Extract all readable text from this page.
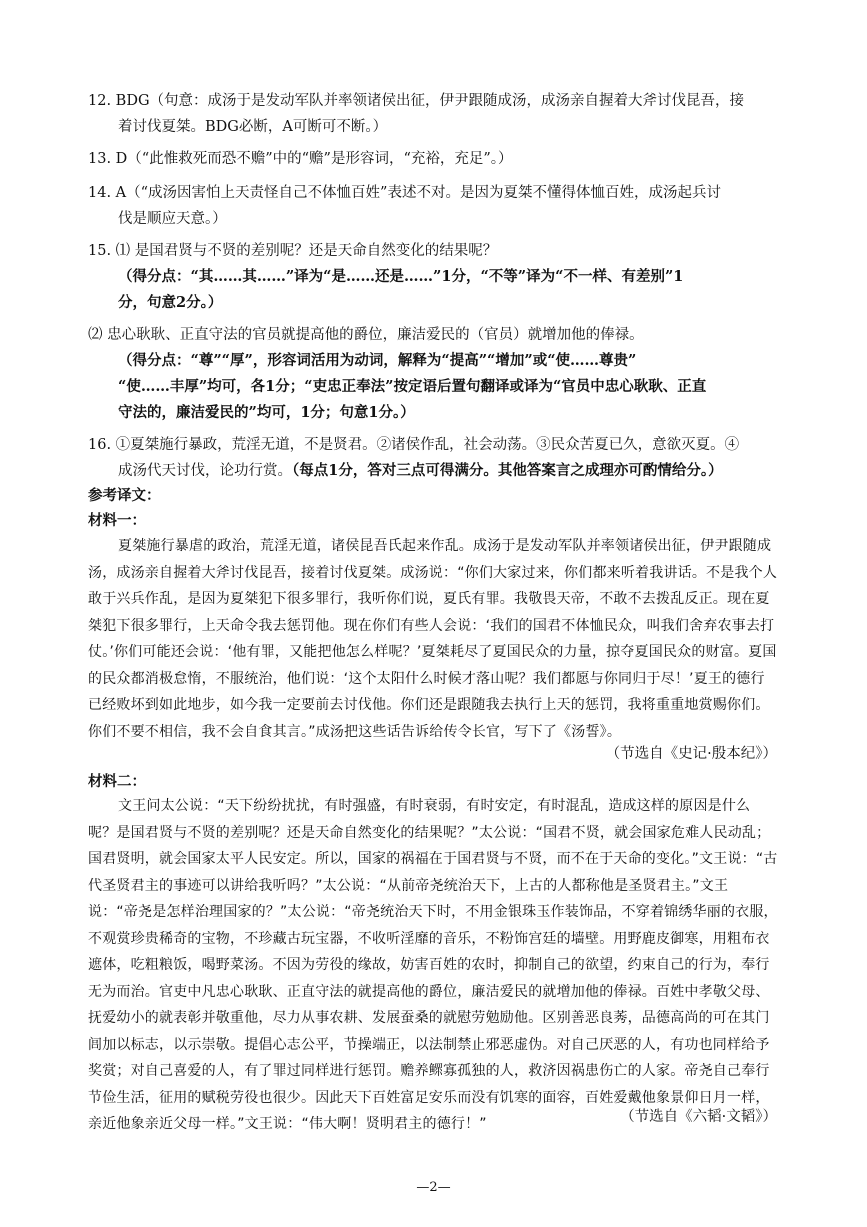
12. BDG（句意：成汤于是发动军队并率领诸侯出征，伊尹跟随成汤，成汤亲自握着大斧讨伐昆吾，接
着讨伐夏桀。BDG必断，A可断可不断。）
13. D（“此惟救死而恐不赡”中的“赡”是形容词，“充裕，充足”。）
14. A（“成汤因害怕上天责怪自己不体恤百姓”表述不对。是因为夏桀不懂得体恤百姓，成汤起兵讨
伐是顺应天意。）
15. ⑴ 是国君贤与不贤的差别呢？还是天命自然变化的结果呢？
（得分点：“其……其……”译为“是……还是……”1分，“不等”译为“不一样、有差别”1
分，句意2分。）
⑵ 忠心耿耿、正直守法的官员就提高他的爵位，廉洁爱民的（官员）就增加他的俸禄。
（得分点：“尊”“厚”，形容词活用为动词，解释为“提高”“增加”或“使……尊贵”
“使……丰厚”均可，各1分；“吏忠正奉法”按定语后置句翻译或译为“官员中忠心耿耿、正直
守法的，廉洁爱民的”均可，1分；句意1分。）
16. ①夏桀施行暴政，荒淫无道，不是贤君。②诸侯作乱，社会动荡。③民众苦夏已久，意欲灭夏。④
成汤代天讨伐，论功行赏。（每点1分，答对三点可得满分。其他答案言之成理亦可酌情给分。）
参考译文：
材料一：
夏桀施行暴虐的政治，荒淫无道，诸侯昆吾氏起来作乱。成汤于是发动军队并率领诸侯出征，伊尹跟随成汤，成汤亲自握着大斧讨伐昆吾，接着讨伐夏桀。成汤说：“你们大家过来，你们都来听着我讲话。不是我个人敢于兴兵作乱，是因为夏桀犯下很多罪行，我听你们说，夏氏有罪。我敬畏天帝，不敢不去拨乱反正。现在夏桀犯下很多罪行，上天命令我去惩罚他。现在你们有些人会说：‘我们的国君不体恤民众，叫我们舍弃农事去打仗。’你们可能还会说：‘他有罪，又能把他怎么样呢？’夏桀耗尽了夏国民众的力量，掠夺夏国民众的财富。夏国的民众都消极怠惰，不服统治，他们说：‘这个太阳什么时候才落山呢？我们都愿与你同归于尽！’夏王的德行已经败坏到如此地步，如今我一定要前去讨伐他。你们还是跟随我去执行上天的惩罚，我将重重地赏赐你们。你们不要不相信，我不会自食其言。”成汤把这些话告诉给传令长官，写下了《汤誓》。
（节选自《史记·殷本纪》）
材料二：
文王问太公说：“天下纷纷扰扰，有时强盛，有时衰弱，有时安定，有时混乱，造成这样的原因是什么呢？是国君贤与不贤的差别呢？还是天命自然变化的结果呢？”太公说：“国君不贤，就会国家危难人民动乱；国君贤明，就会国家太平人民安定。所以，国家的祸福在于国君贤与不贤，而不在于天命的变化。”文王说：“古代圣贤君主的事迹可以讲给我听吗？”太公说：“从前帝尧统治天下，上古的人都称他是圣贤君主。”文王说：“帝尧是怎样治理国家的？”太公说：“帝尧统治天下时，不用金银珠玉作装饰品，不穿着锦绣华丽的衣服，不观赏珍贵稀奇的宝物，不珍藏古玩宝器，不收听淫靡的音乐，不粉饰宫廷的墙壁。用野鹿皮御寒，用粗布衣遮体，吃粗粮饭，喝野菜汤。不因为劳役的缘故，妨害百姓的农时，抑制自己的欲望，约束自己的行为，奉行无为而治。官吏中凡忠心耿耿、正直守法的就提高他的爵位，廉洁爱民的就增加他的俸禄。百姓中孝敬父母、抚爱幼小的就表彰并敬重他，尽力从事农耕、发展蚕桑的就慰劳勉励他。区别善恶良莠，品德高尚的可在其门闾加以标志，以示崇敬。提倡心志公平，节操端正，以法制禁止邪恶虚伪。对自己厌恶的人，有功也同样给予奖赏；对自己喜爱的人，有了罪过同样进行惩罚。赡养鳏寡孤独的人，救济因祸患伤亡的人家。帝尧自己奉行节俭生活，征用的赋税劳役也很少。因此天下百姓富足安乐而没有饥寒的面容，百姓爱戴他象景仰日月一样，亲近他象亲近父母一样。”文王说：“伟大啊！贤明君主的德行！”	（节选自《六韬·文韬》）
—2—
